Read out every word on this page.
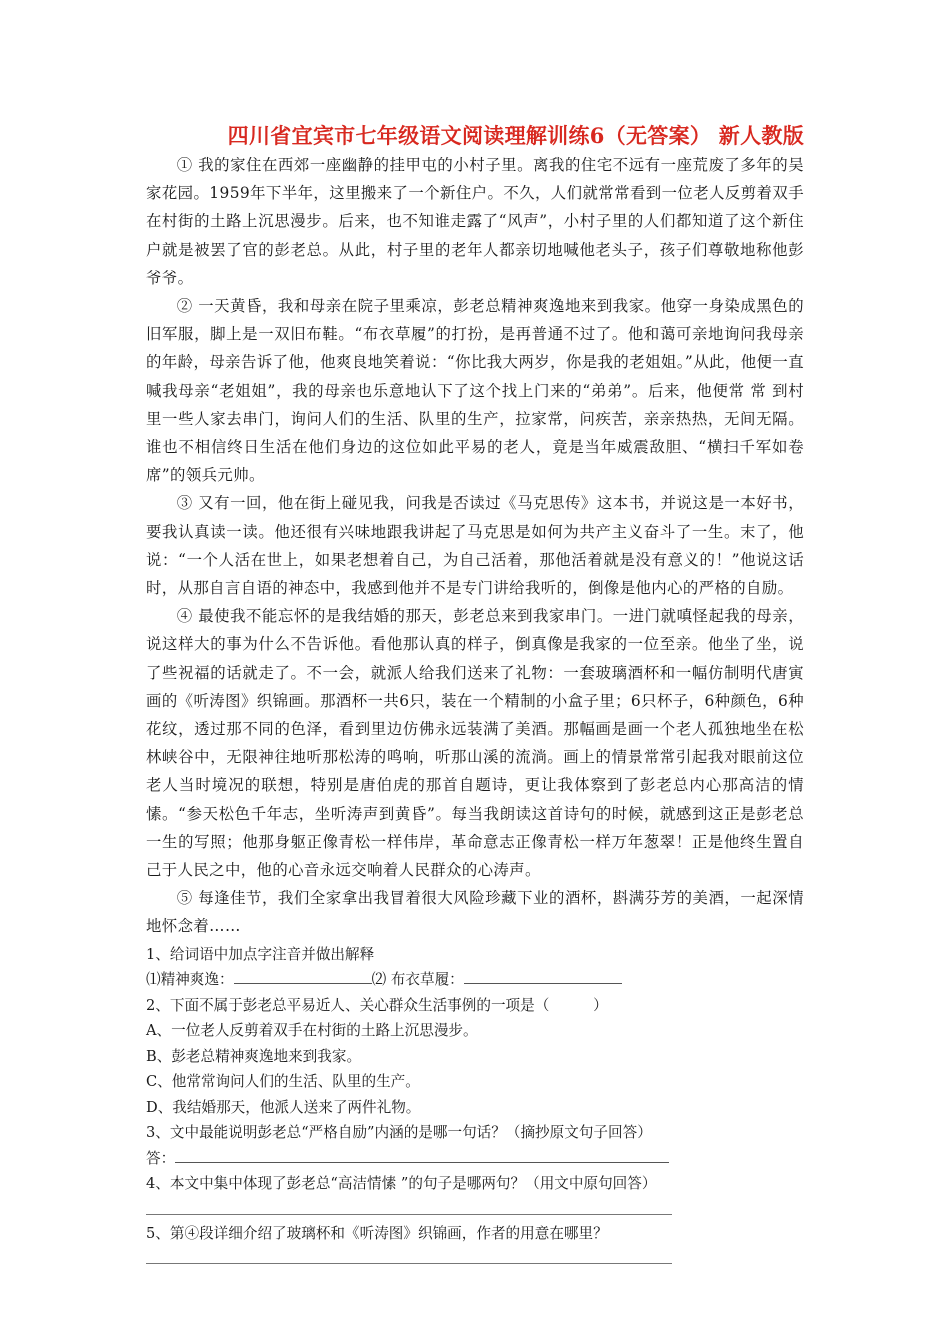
四川省宜宾市七年级语文阅读理解训练6（无答案） 新人教版

① 我的家住在西郊一座幽静的挂甲屯的小村子里。离我的住宅不远有一座荒废了多年的吴家花园。1959年下半年，这里搬来了一个新住户。不久，人们就常常看到一位老人反剪着双手在村街的土路上沉思漫步。后来，也不知谁走露了“风声”，小村子里的人们都知道了这个新住户就是被罢了官的彭老总。从此，村子里的老年人都亲切地喊他老头子，孩子们尊敬地称他彭爷爷。

② 一天黄昏，我和母亲在院子里乘凉，彭老总精神爽逸地来到我家。他穿一身染成黑色的旧军服，脚上是一双旧布鞋。“布衣草履”的打扮，是再普通不过了。他和蔼可亲地询问我母亲的年龄，母亲告诉了他，他爽良地笑着说：“你比我大两岁，你是我的老姐姐。”从此，他便一直喊我母亲“老姐姐”，我的母亲也乐意地认下了这个找上门来的“弟弟”。后来，他便常 常 到村里一些人家去串门，询问人们的生活、队里的生产，拉家常，问疾苦，亲亲热热，无间无隔。谁也不相信终日生活在他们身边的这位如此平易的老人，竟是当年威震敌胆、“横扫千军如卷席”的领兵元帅。

③ 又有一回，他在街上碰见我，问我是否读过《马克思传》这本书，并说这是一本好书，要我认真读一读。他还很有兴味地跟我讲起了马克思是如何为共产主义奋斗了一生。末了，他说：“一个人活在世上，如果老想着自己，为自己活着，那他活着就是没有意义的！”他说这话时，从那自言自语的神态中，我感到他并不是专门讲给我听的，倒像是他内心的严格的自励。

④ 最使我不能忘怀的是我结婚的那天，彭老总来到我家串门。一进门就嗔怪起我的母亲，说这样大的事为什么不告诉他。看他那认真的样子，倒真像是我家的一位至亲。他坐了坐，说了些祝福的话就走了。不一会，就派人给我们送来了礼物：一套玻璃酒杯和一幅仿制明代唐寅画的《听涛图》织锦画。那酒杯一共6只，装在一个精制的小盒子里；6只杯子，6种颜色，6种花纹，透过那不同的色泽，看到里边仿佛永远装满了美酒。那幅画是画一个老人孤独地坐在松林峡谷中，无限神往地听那松涛的鸣响，听那山溪的流淌。画上的情景常常引起我对眼前这位老人当时境况的联想，特别是唐伯虎的那首自题诗，更让我体察到了彭老总内心那高洁的情愫。“参天松色千年志，坐听涛声到黄昏”。每当我朗读这首诗句的时候，就感到这正是彭老总一生的写照；他那身躯正像青松一样伟岸，革命意志正像青松一样万年葱翠！正是他终生置自己于人民之中，他的心音永远交响着人民群众的心涛声。

⑤ 每逢佳节，我们全家拿出我冒着很大风险珍藏下业的酒杯，斟满芬芳的美酒，一起深情地怀念着……

1、给词语中加点字注音并做出解释

⑴精神爽逸：	⑵ 布衣草履：

2、下面不属于彭老总平易近人、关心群众生活事例的一项是（　　　）

A、一位老人反剪着双手在村街的土路上沉思漫步。

B、彭老总精神爽逸地来到我家。

C、他常常询问人们的生活、队里的生产。

D、我结婚那天，他派人送来了两件礼物。

3、文中最能说明彭老总“严格自励”内涵的是哪一句话？（摘抄原文句子回答）

答：

4、本文中集中体现了彭老总“高洁情愫 ”的句子是哪两句？（用文中原句回答）

5、第④段详细介绍了玻璃杯和《听涛图》织锦画，作者的用意在哪里？
